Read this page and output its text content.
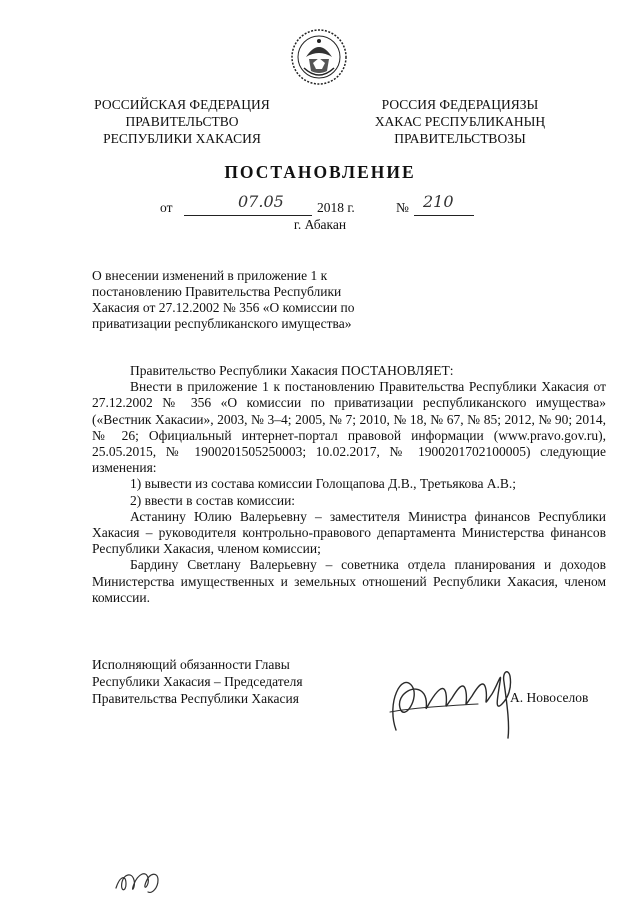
РОССИЙСКАЯ ФЕДЕРАЦИЯ
ПРАВИТЕЛЬСТВО
РЕСПУБЛИКИ ХАКАСИЯ
РОССИЯ ФЕДЕРАЦИЯЗЫ
ХАКАС РЕСПУБЛИКАНЫҢ
ПРАВИТЕЛЬСТВОЗЫ
ПОСТАНОВЛЕНИЕ
от	07.05 2018 г.	№ 210
г. Абакан

О внесении изменений в приложение 1 к

постановлению Правительства Республики

Хакасия от 27.12.2002 № 356 «О комиссии по

приватизации республиканского имущества»

Правительство Республики Хакасия ПОСТАНОВЛЯЕТ:

Внести в приложение 1 к постановлению Правительства Республики Хакасия от 27.12.2002 № 356 «О комиссии по приватизации республиканского имущества» («Вестник Хакасии», 2003, № 3–4; 2005, № 7; 2010, № 18, № 67, № 85; 2012, № 90; 2014, № 26; Официальный интернет-портал правовой информации (www.pravo.gov.ru), 25.05.2015, № 1900201505250003; 10.02.2017, № 1900201702100005) следующие изменения:

1) вывести из состава комиссии Голощапова Д.В., Третьякова А.В.;

2) ввести в состав комиссии:

Астанину Юлию Валерьевну – заместителя Министра финансов Республики Хакасия – руководителя контрольно-правового департамента Министерства финансов Республики Хакасия, членом комиссии;

Бардину Светлану Валерьевну – советника отдела планирования и доходов Министерства имущественных и земельных отношений Республики Хакасия, членом комиссии.

Исполняющий обязанности Главы
Республики Хакасия – Председателя
Правительства Республики Хакасия	А. Новоселов
